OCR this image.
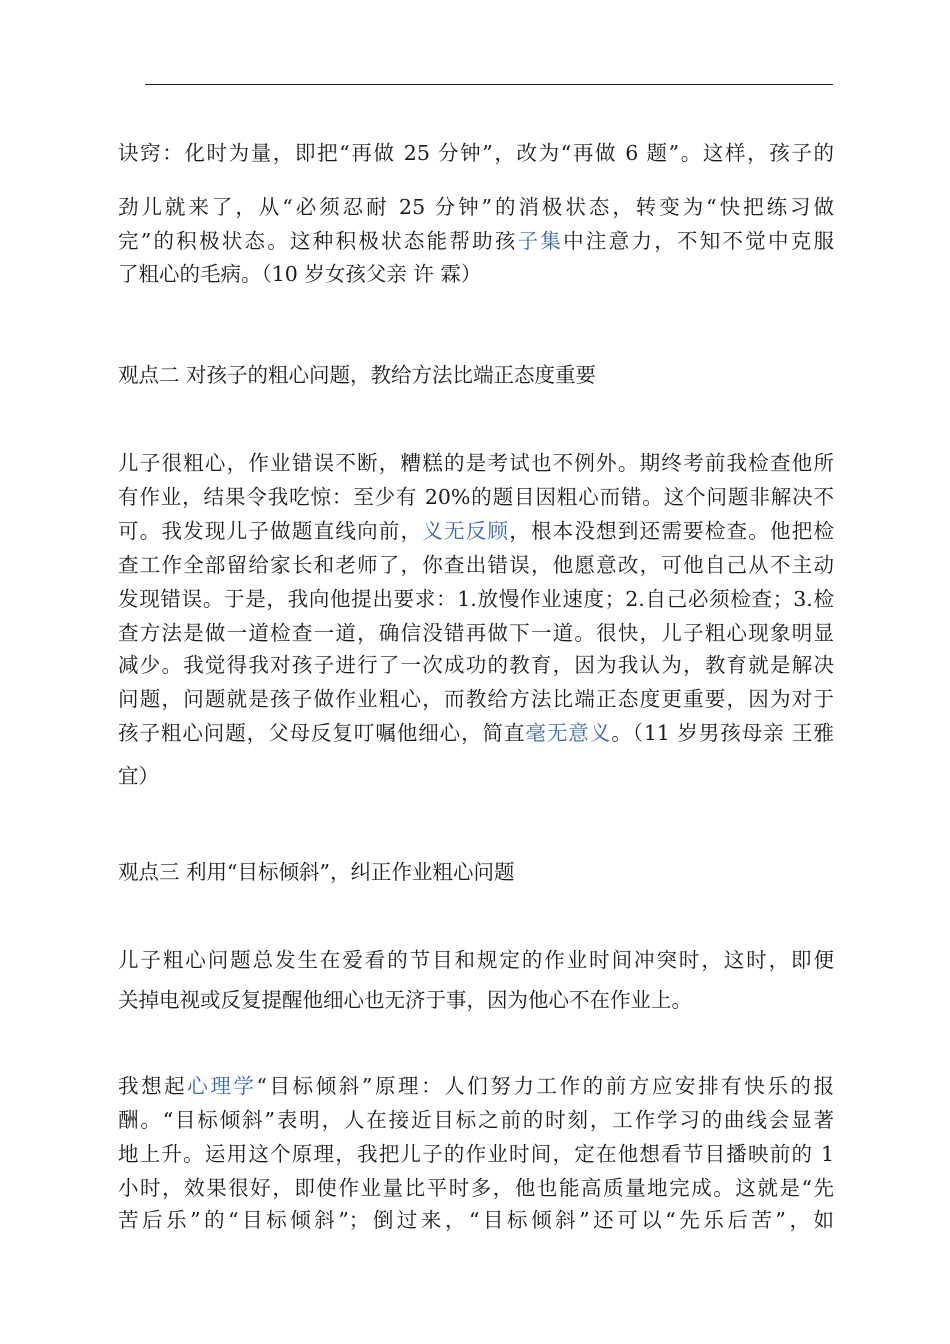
诀窍：化时为量，即把“再做 25 分钟”，改为“再做 6 题”。这样，孩子的
劲儿就来了，从“必须忍耐 25 分钟”的消极状态，转变为“快把练习做
完”的积极状态。这种积极状态能帮助孩子集中注意力，不知不觉中克服
了粗心的毛病。（10 岁女孩父亲 许 霖）
观点二 对孩子的粗心问题，教给方法比端正态度重要
儿子很粗心，作业错误不断，糟糕的是考试也不例外。期终考前我检查他所
有作业，结果令我吃惊：至少有 20%的题目因粗心而错。这个问题非解决不
可。我发现儿子做题直线向前，义无反顾，根本没想到还需要检查。他把检
查工作全部留给家长和老师了，你查出错误，他愿意改，可他自己从不主动
发现错误。于是，我向他提出要求：1.放慢作业速度；2.自己必须检查；3.检
查方法是做一道检查一道，确信没错再做下一道。很快，儿子粗心现象明显
减少。我觉得我对孩子进行了一次成功的教育，因为我认为，教育就是解决
问题，问题就是孩子做作业粗心，而教给方法比端正态度更重要，因为对于
孩子粗心问题，父母反复叮嘱他细心，简直毫无意义。（11 岁男孩母亲 王雅
宜）
观点三 利用“目标倾斜”，纠正作业粗心问题
儿子粗心问题总发生在爱看的节目和规定的作业时间冲突时，这时，即便
关掉电视或反复提醒他细心也无济于事，因为他心不在作业上。
我想起心理学“目标倾斜”原理：人们努力工作的前方应安排有快乐的报
酬。“目标倾斜”表明，人在接近目标之前的时刻，工作学习的曲线会显著
地上升。运用这个原理，我把儿子的作业时间，定在他想看节目播映前的 1
小时，效果很好，即使作业量比平时多，他也能高质量地完成。这就是“先
苦后乐”的“目标倾斜”；倒过来，“目标倾斜”还可以“先乐后苦”，如
